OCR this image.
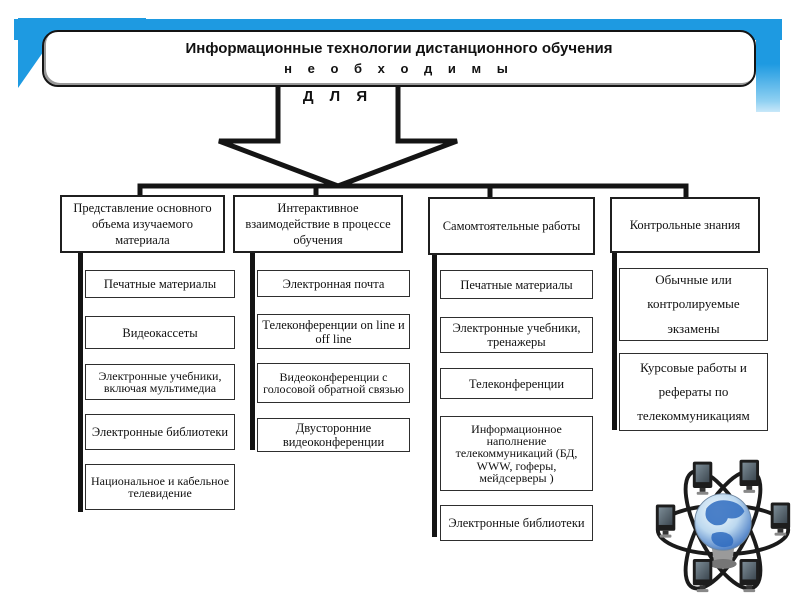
Информационные технологии дистанционного обучения
н е о б х о д и м ы
Д Л Я
Представление основного объема изучаемого материала
Интерактивное взаимодействие в процессе обучения
Самомтоятельные работы	Контрольные знания
Печатные материалы
Видеокассеты
Электронные учебники, включая мультимедиа
Электронные библиотеки
Национальное и кабельное телевидение
Электронная почта
Телеконференции on line и off line
Видеоконференции с голосовой обратной связью
Двусторонние видеоконференции
Печатные материалы
Электронные учебники, тренажеры
Телеконференции
Информационное наполнение телекоммуникаций (БД, WWW, гоферы, мейдсерверы )
Электронные библиотеки
Обычные или контролируемые экзамены
Курсовые работы и рефераты по телекоммуникациям
